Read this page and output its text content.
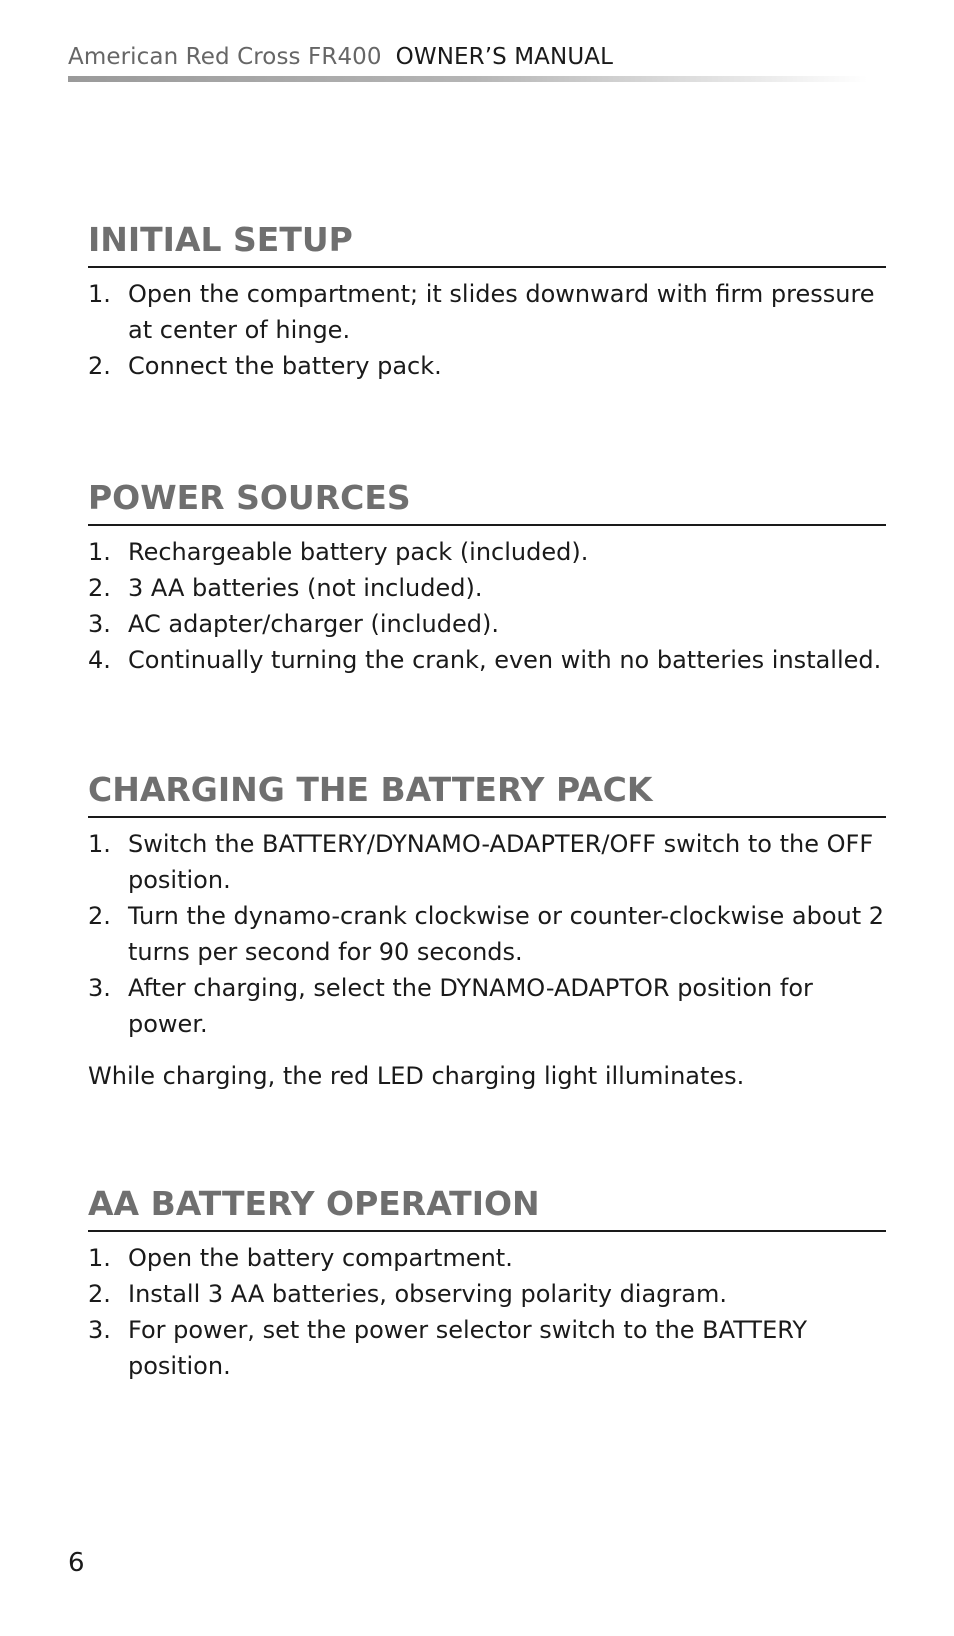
American Red Cross FR400 OWNER’S MANUAL
INITIAL SETUP
1. Open the compartment; it slides downward with firm pressure at center of hinge.
2. Connect the battery pack.
POWER SOURCES
1. Rechargeable battery pack (included).
2. 3 AA batteries (not included).
3. AC adapter/charger (included).
4. Continually turning the crank, even with no batteries installed.
CHARGING THE BATTERY PACK
1. Switch the BATTERY/DYNAMO-ADAPTER/OFF switch to the OFF position.
2. Turn the dynamo-crank clockwise or counter-clockwise about 2 turns per second for 90 seconds.
3. After charging, select the DYNAMO-ADAPTOR position for power.

While charging, the red LED charging light illuminates.

AA BATTERY OPERATION
1. Open the battery compartment.
2. Install 3 AA batteries, observing polarity diagram.
3. For power, set the power selector switch to the BATTERY position.
6
